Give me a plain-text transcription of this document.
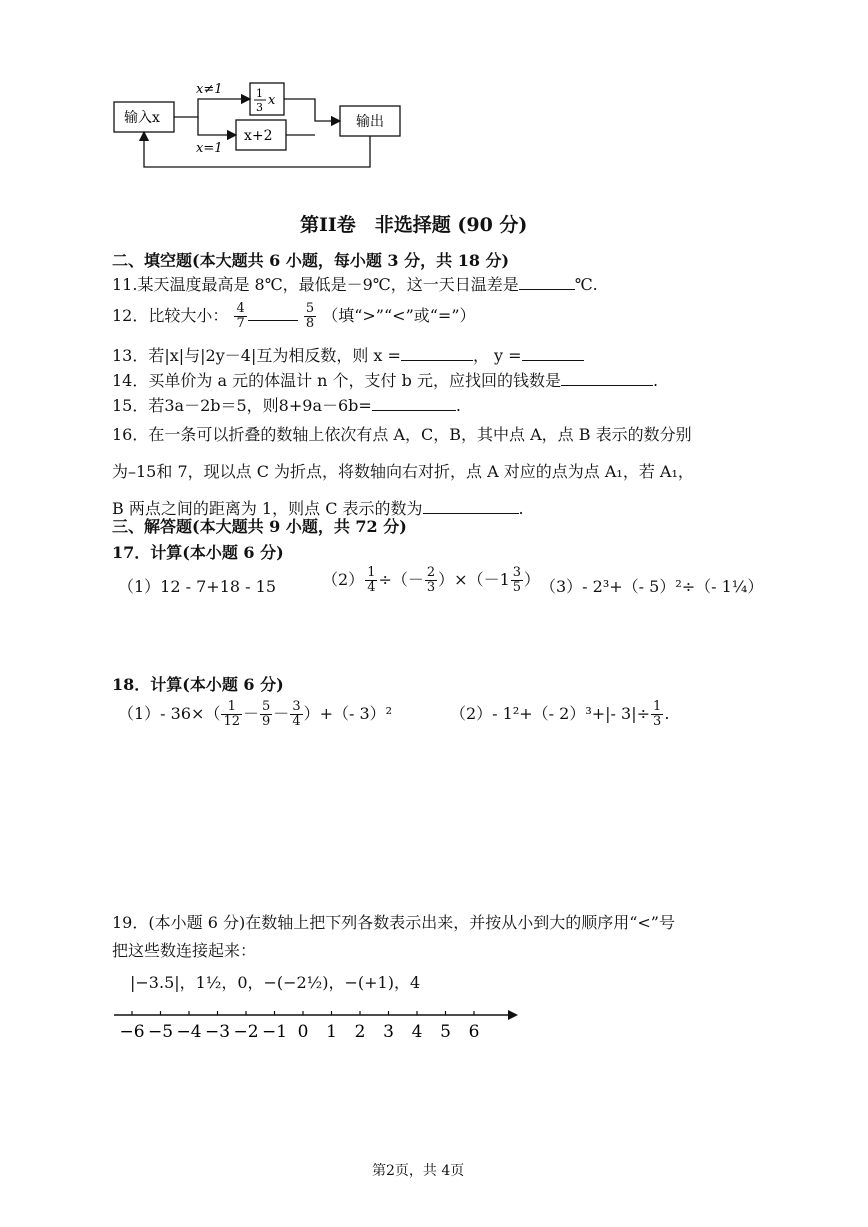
输入x
x≠1
x=1
1
3 x
x+2
输出
第II卷　非选择题 (90 分)
二、填空题(本大题共 6 小题，每小题 3 分，共 18 分)
11.某天温度最高是 8℃，最低是－9℃，这一天日温差是	℃.
12．比较大小： $\frac{4}{7}$
	$\frac{5}{8}$ （填“>”“<”或“=”）
13．若|x|与|2y－4|互为相反数，则 x =	， y =
14．买单价为 a 元的体温计 n 个，支付 b 元，应找回的钱数是	.
15．若3a－2b＝5，则8+9a－6b=	.
16．在一条可以折叠的数轴上依次有点 A，C，B，其中点 A，点 B 表示的数分别
为–15和 7，现以点 C 为折点，将数轴向右对折，点 A 对应的点为点 A₁，若 A₁，
B 两点之间的距离为 1，则点 C 表示的数为	.
三、解答题(本大题共 9 小题，共 72 分)
17．计算(本小题 6 分)
（1）12 - 7+18 - 15	$(2) \frac{1}{4}$ ÷（－ $\frac{2}{3} )\times(-1 \frac{3}{5}$ ） （3）- 2³+（- 5）²÷（- 1¼）
18．计算(本小题 6 分)
（1）- $36\times( \frac{1}{12} - \frac{5}{9} - \frac{3}{4}$ ）+（- 3）²	（2）- 1²+（- 2）³+|- $3|\div \frac{1}{3}$ .
19．(本小题 6 分)在数轴上把下列各数表示出来，并按从小到大的顺序用“<”号
把这些数连接起来：
|−3.5|，1½，0，−(−2½)，−(+1)，4
−6 −5 −4 −3 −2 −1 0 1 2 3 4 5 6
第2页，共 4页
